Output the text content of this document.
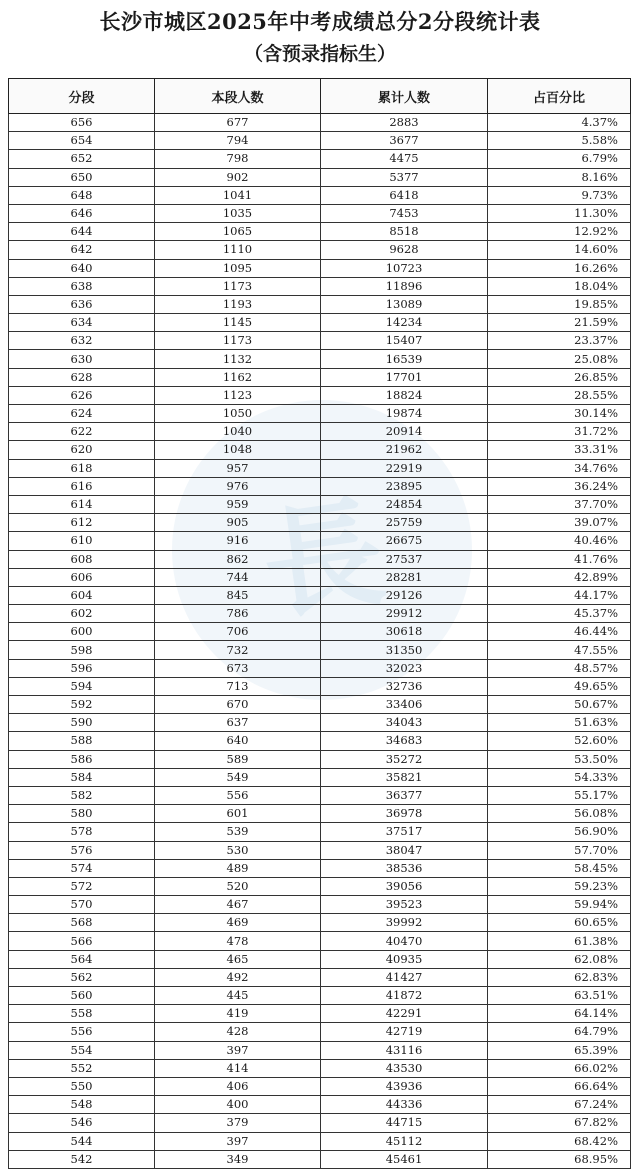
長
长沙市城区2025年中考成绩总分2分段统计表
（含预录指标生）
分段	本段人数	累计人数	占百分比
656	677	2883	4.37%
654	794	3677	5.58%
652	798	4475	6.79%
650	902	5377	8.16%
648	1041	6418	9.73%
646	1035	7453	11.30%
644	1065	8518	12.92%
642	1110	9628	14.60%
640	1095	10723	16.26%
638	1173	11896	18.04%
636	1193	13089	19.85%
634	1145	14234	21.59%
632	1173	15407	23.37%
630	1132	16539	25.08%
628	1162	17701	26.85%
626	1123	18824	28.55%
624	1050	19874	30.14%
622	1040	20914	31.72%
620	1048	21962	33.31%
618	957	22919	34.76%
616	976	23895	36.24%
614	959	24854	37.70%
612	905	25759	39.07%
610	916	26675	40.46%
608	862	27537	41.76%
606	744	28281	42.89%
604	845	29126	44.17%
602	786	29912	45.37%
600	706	30618	46.44%
598	732	31350	47.55%
596	673	32023	48.57%
594	713	32736	49.65%
592	670	33406	50.67%
590	637	34043	51.63%
588	640	34683	52.60%
586	589	35272	53.50%
584	549	35821	54.33%
582	556	36377	55.17%
580	601	36978	56.08%
578	539	37517	56.90%
576	530	38047	57.70%
574	489	38536	58.45%
572	520	39056	59.23%
570	467	39523	59.94%
568	469	39992	60.65%
566	478	40470	61.38%
564	465	40935	62.08%
562	492	41427	62.83%
560	445	41872	63.51%
558	419	42291	64.14%
556	428	42719	64.79%
554	397	43116	65.39%
552	414	43530	66.02%
550	406	43936	66.64%
548	400	44336	67.24%
546	379	44715	67.82%
544	397	45112	68.42%
542	349	45461	68.95%
